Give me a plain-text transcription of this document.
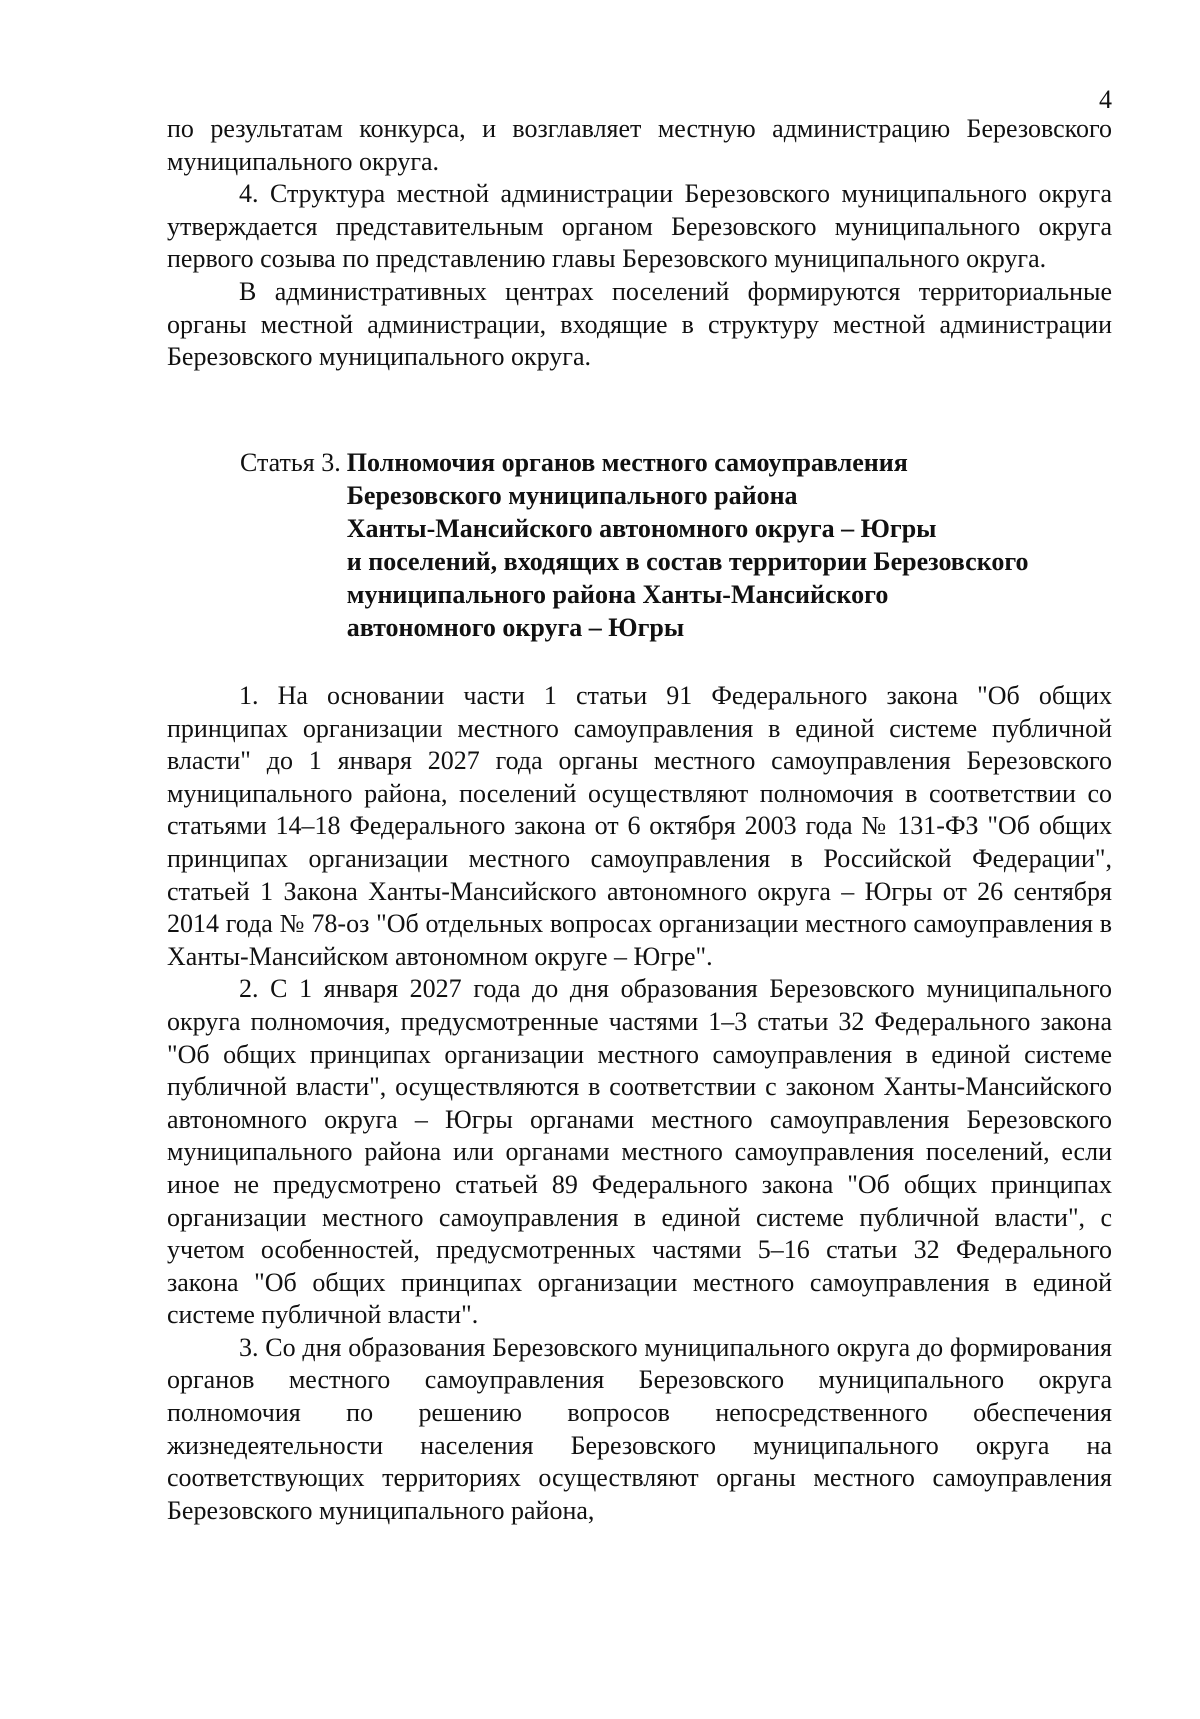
4

по результатам конкурса, и возглавляет местную администрацию Березовского муниципального округа.

4. Структура местной администрации Березовского муниципального округа утверждается представительным органом Березовского муниципального округа первого созыва по представлению главы Березовского муниципального округа.

В административных центрах поселений формируются территориальные органы местной администрации, входящие в структуру местной администрации Березовского муниципального округа.

Статья 3. Полномочия органов местного самоуправления
Березовского муниципального района
Ханты-Мансийского автономного округа – Югры
и поселений, входящих в состав территории Березовского
муниципального района Ханты-Мансийского
автономного округа – Югры

1. На основании части 1 статьи 91 Федерального закона "Об общих принципах организации местного самоуправления в единой системе публичной власти" до 1 января 2027 года органы местного самоуправления Березовского муниципального района, поселений осуществляют полномочия в соответствии со статьями 14–18 Федерального закона от 6 октября 2003 года № 131-ФЗ "Об общих принципах организации местного самоуправления в Российской Федерации", статьей 1 Закона Ханты-Мансийского автономного округа – Югры от 26 сентября 2014 года № 78-оз "Об отдельных вопросах организации местного самоуправления в Ханты-Мансийском автономном округе – Югре".

2. С 1 января 2027 года до дня образования Березовского муниципального округа полномочия, предусмотренные частями 1–3 статьи 32 Федерального закона "Об общих принципах организации местного самоуправления в единой системе публичной власти", осуществляются в соответствии с законом Ханты-Мансийского автономного округа – Югры органами местного самоуправления Березовского муниципального района или органами местного самоуправления поселений, если иное не предусмотрено статьей 89 Федерального закона "Об общих принципах организации местного самоуправления в единой системе публичной власти", с учетом особенностей, предусмотренных частями 5–16 статьи 32 Федерального закона "Об общих принципах организации местного самоуправления в единой системе публичной власти".

3. Со дня образования Березовского муниципального округа до формирования органов местного самоуправления Березовского муниципального округа полномочия по решению вопросов непосредственного обеспечения жизнедеятельности населения Березовского муниципального округа на соответствующих территориях осуществляют органы местного самоуправления Березовского муниципального района,
